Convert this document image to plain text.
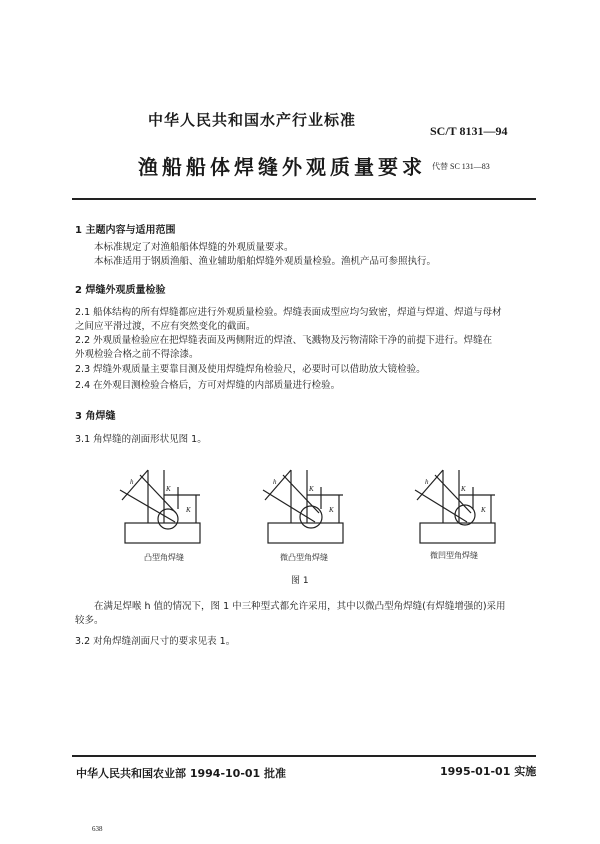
中华人民共和国水产行业标准
SC/T 8131—94
渔船船体焊缝外观质量要求 代替 SC 131—83
1 主题内容与适用范围
本标准规定了对渔船船体焊缝的外观质量要求。
本标准适用于钢质渔船、渔业辅助船舶焊缝外观质量检验。渔机产品可参照执行。
2 焊缝外观质量检验
2.1 船体结构的所有焊缝都应进行外观质量检验。焊缝表面成型应均匀致密，焊道与焊道、焊道与母材
之间应平滑过渡，不应有突然变化的截面。
2.2 外观质量检验应在把焊缝表面及两侧附近的焊渣、飞溅物及污物清除干净的前提下进行。焊缝在
外观检验合格之前不得涂漆。
2.3 焊缝外观质量主要靠目测及使用焊缝焊角检验尺，必要时可以借助放大镜检验。
2.4 在外观目测检验合格后，方可对焊缝的内部质量进行检验。
3 角焊缝
3.1 角焊缝的剖面形状见图 1。
h
K
K
h
K
K
h
K
K
凸型角焊缝	微凸型角焊缝	微凹型角焊缝
图 1
在满足焊喉 h 值的情况下，图 1 中三种型式都允许采用，其中以微凸型角焊缝(有焊缝增强的)采用
较多。
3.2 对角焊缝剖面尺寸的要求见表 1。
中华人民共和国农业部 1994-10-01 批准	1995-01-01 实施
638
